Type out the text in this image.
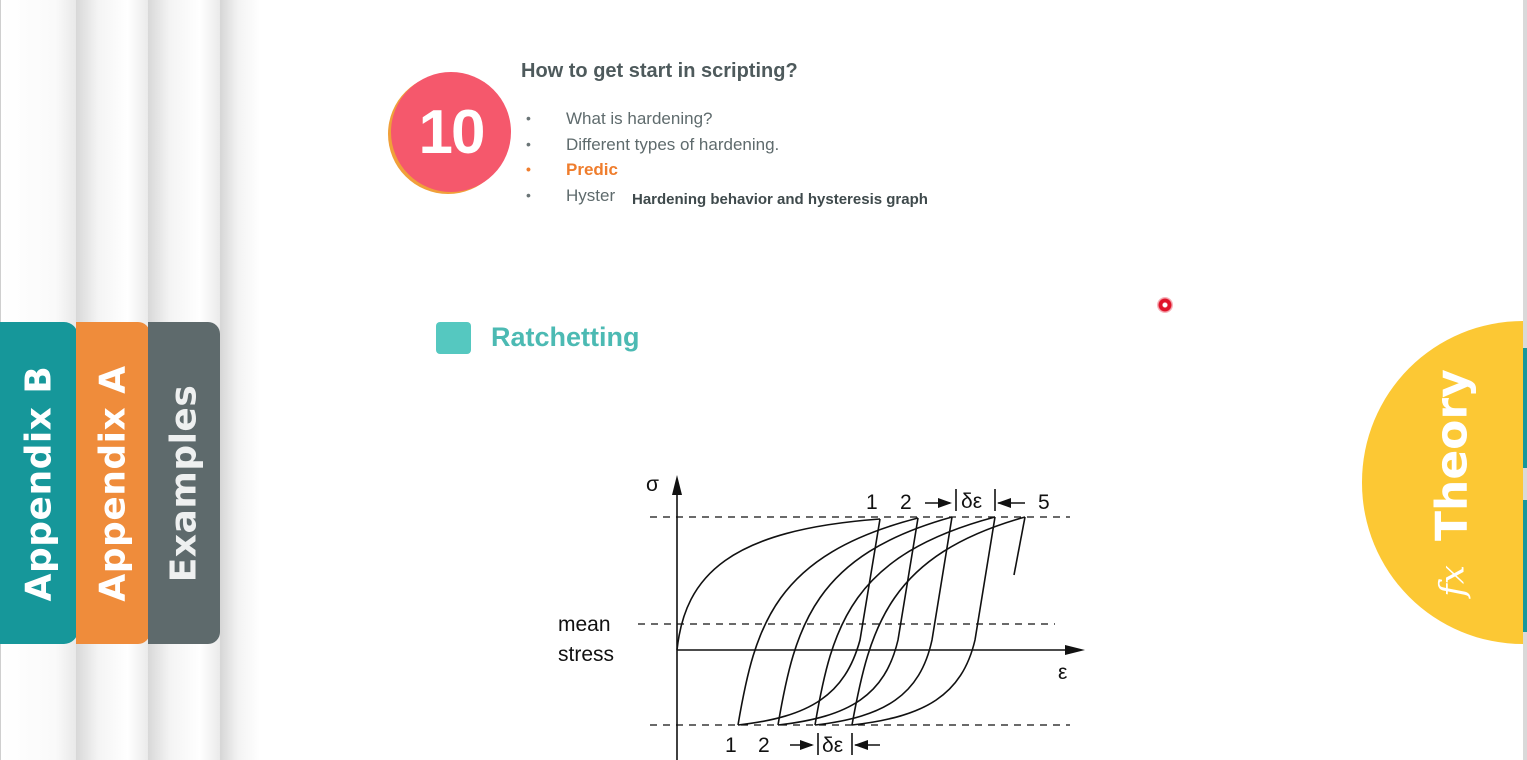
Appendix B Appendix A Examples	𝑓x
Theory
10
How to get start in scripting?
• What is hardening?
• Different types of hardening.
• Predic
• Hyster	Hardening behavior and hysteresis graph
Ratchetting
σ
ε
mean
stress
1 2 δε	5
1 2 δε
